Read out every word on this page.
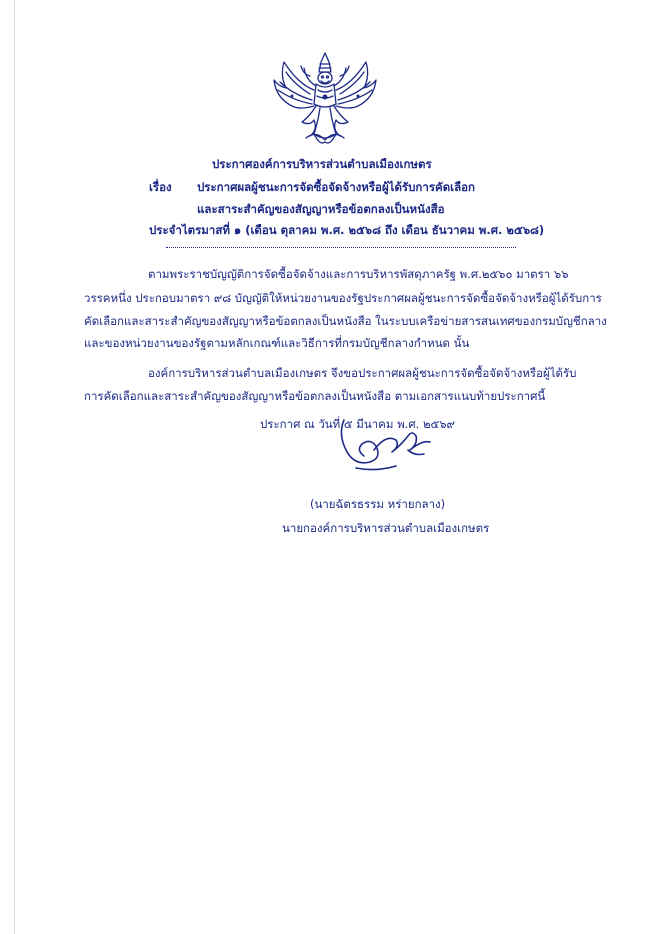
ประกาศองค์การบริหารส่วนตำบลเมืองเกษตร
เรื่อง ประกาศผลผู้ชนะการจัดซื้อจัดจ้างหรือผู้ได้รับการคัดเลือก
และสาระสำคัญของสัญญาหรือข้อตกลงเป็นหนังสือ
ประจำไตรมาสที่ ๑ (เดือน ตุลาคม พ.ศ. ๒๕๖๘ ถึง เดือน ธันวาคม พ.ศ. ๒๕๖๘)
ตามพระราชบัญญัติการจัดซื้อจัดจ้างและการบริหารพัสดุภาครัฐ พ.ศ.๒๕๖๐ มาตรา ๖๖
วรรคหนึ่ง ประกอบมาตรา ๙๘ บัญญัติให้หน่วยงานของรัฐประกาศผลผู้ชนะการจัดซื้อจัดจ้างหรือผู้ได้รับการ
คัดเลือกและสาระสำคัญของสัญญาหรือข้อตกลงเป็นหนังสือ ในระบบเครือข่ายสารสนเทศของกรมบัญชีกลาง
และของหน่วยงานของรัฐตามหลักเกณฑ์และวิธีการที่กรมบัญชีกลางกำหนด นั้น
องค์การบริหารส่วนตำบลเมืองเกษตร จึงขอประกาศผลผู้ชนะการจัดซื้อจัดจ้างหรือผู้ได้รับ
การคัดเลือกและสาระสำคัญของสัญญาหรือข้อตกลงเป็นหนังสือ ตามเอกสารแนบท้ายประกาศนี้
ประกาศ ณ วันที่ ๕ มีนาคม พ.ศ. ๒๕๖๙
(นายฉัตรธรรม หร่ายกลาง)
นายกองค์การบริหารส่วนตำบลเมืองเกษตร
